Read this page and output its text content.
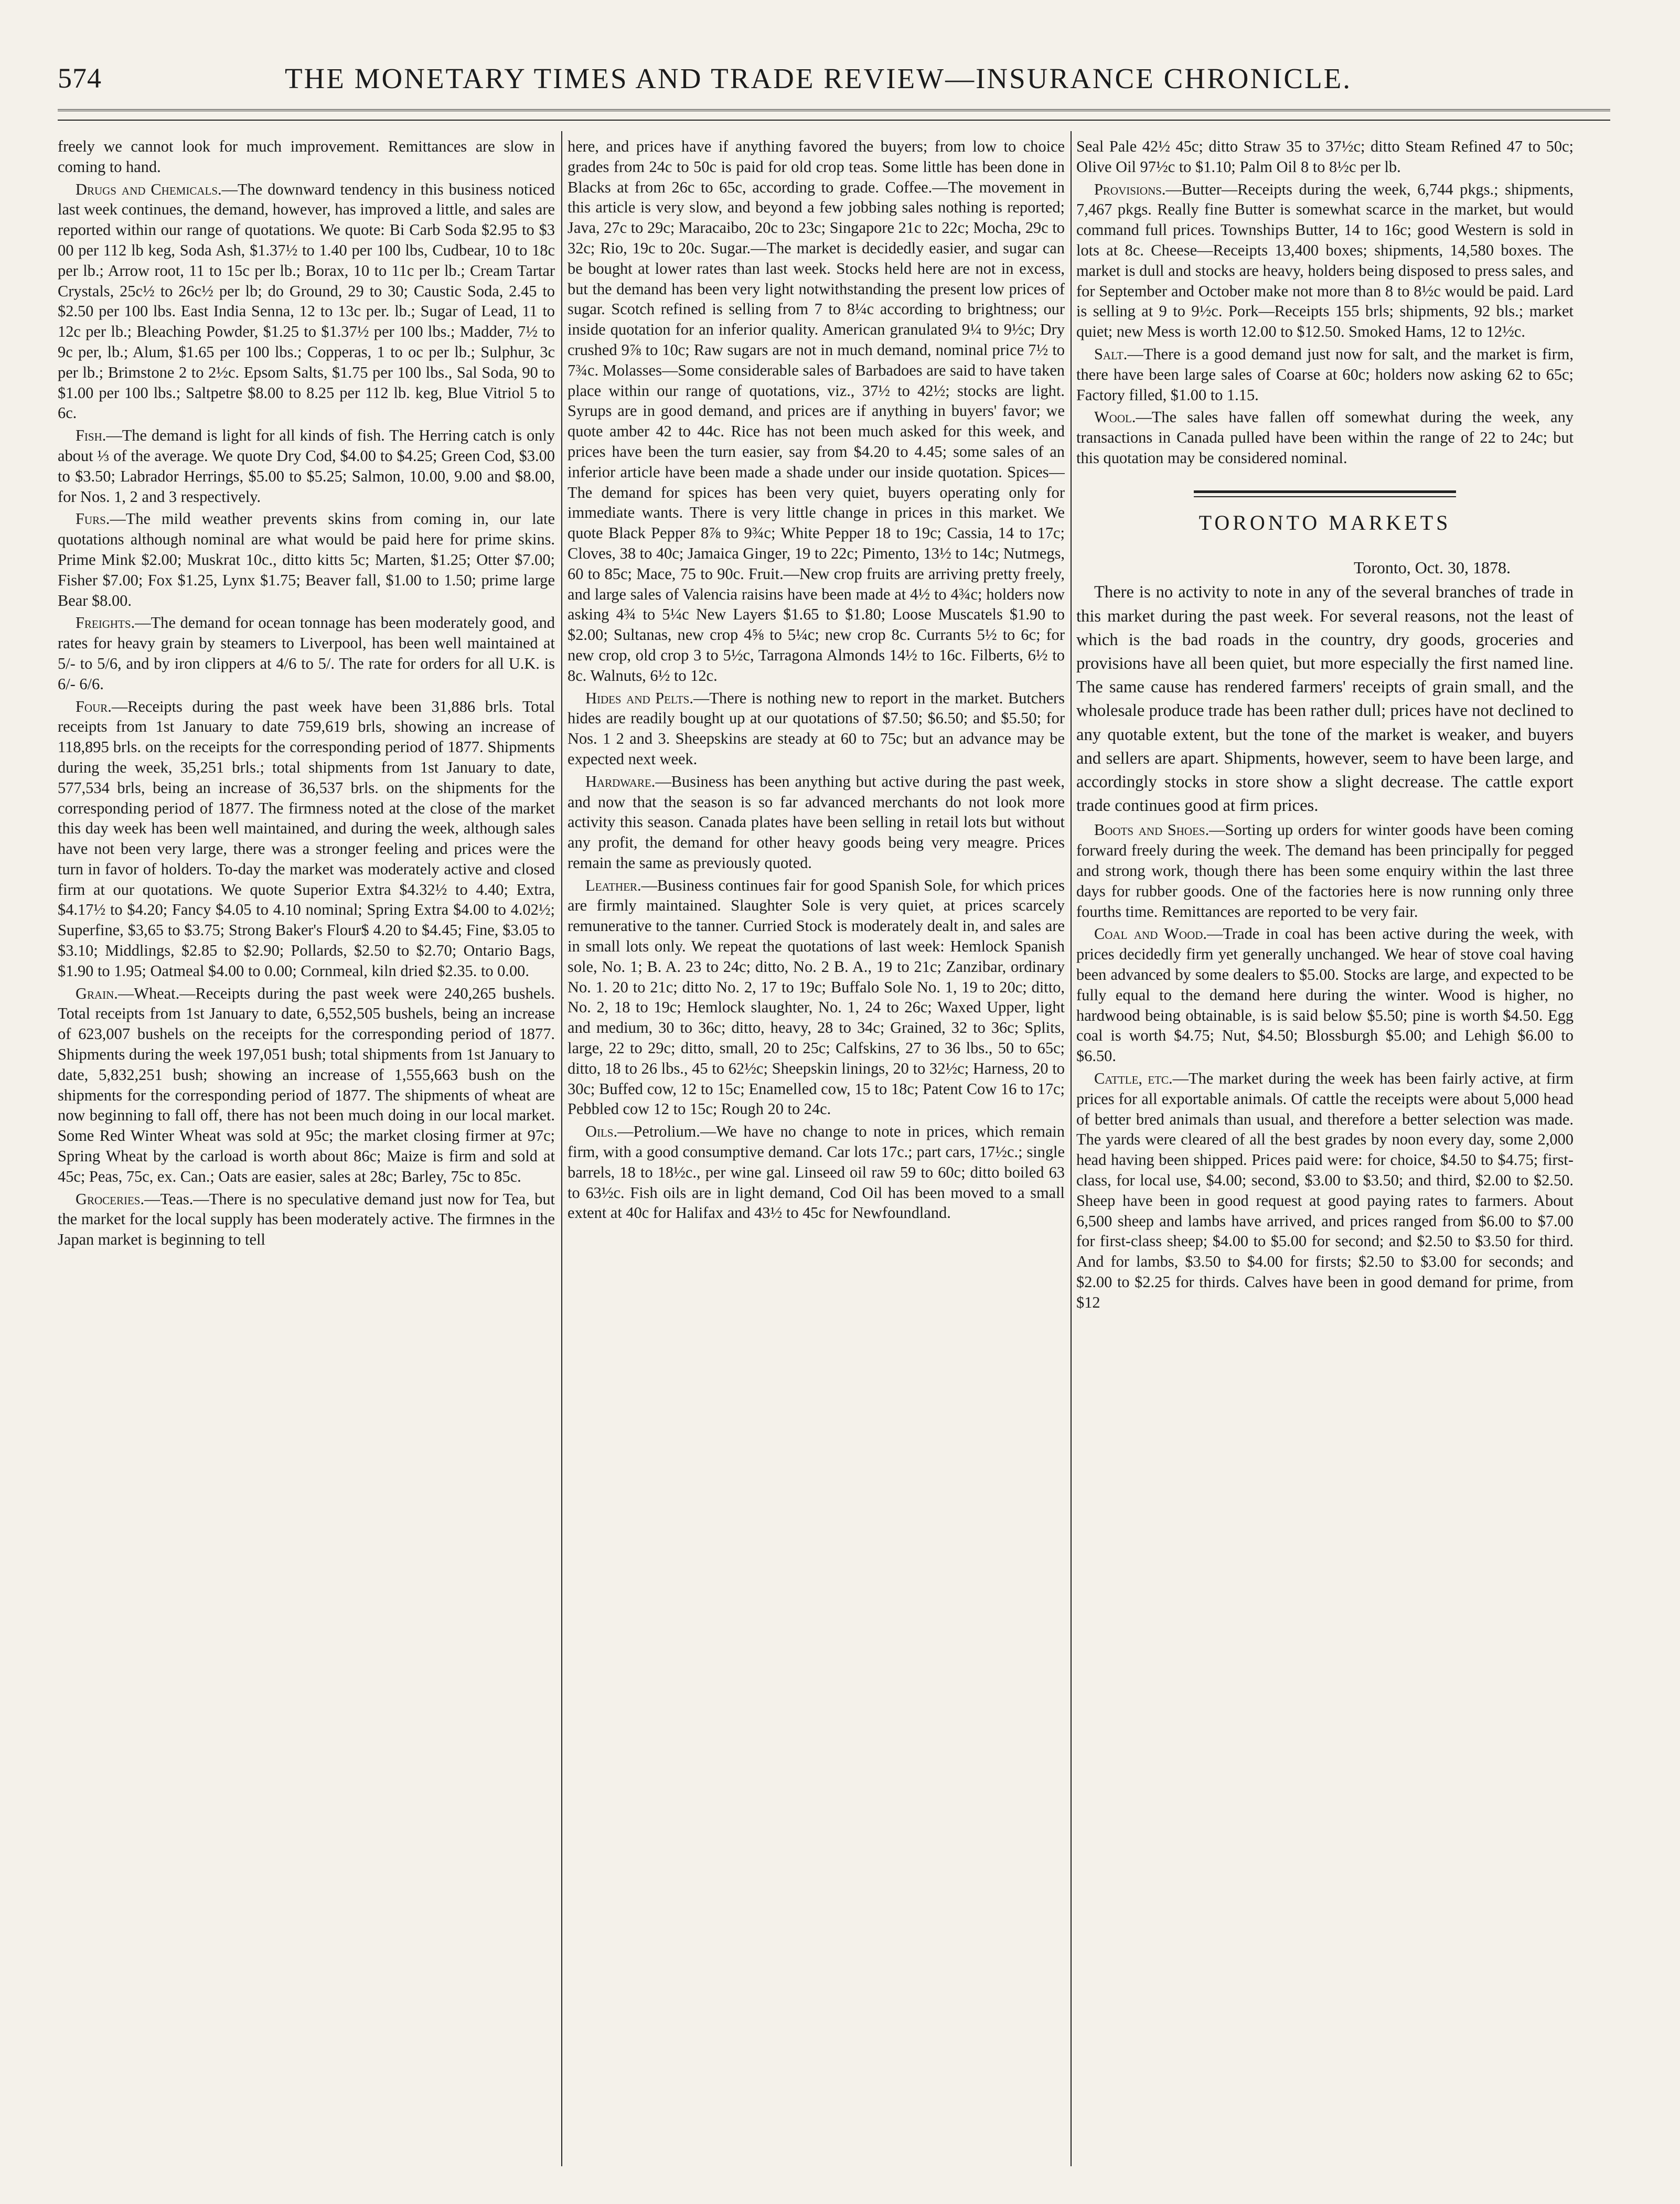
574	THE MONETARY TIMES AND TRADE REVIEW—INSURANCE CHRONICLE.

freely we cannot look for much improvement. Remittances are slow in coming to hand.

Drugs and Chemicals.—The downward tendency in this business noticed last week continues, the demand, however, has improved a little, and sales are reported within our range of quotations. We quote: Bi Carb Soda $2.95 to $3 00 per 112 lb keg, Soda Ash, $1.37½ to 1.40 per 100 lbs, Cudbear, 10 to 18c per lb.; Arrow root, 11 to 15c per lb.; Borax, 10 to 11c per lb.; Cream Tartar Crystals, 25c½ to 26c½ per lb; do Ground, 29 to 30; Caustic Soda, 2.45 to $2.50 per 100 lbs. East India Senna, 12 to 13c per. lb.; Sugar of Lead, 11 to 12c per lb.; Bleaching Powder, $1.25 to $1.37½ per 100 lbs.; Madder, 7½ to 9c per, lb.; Alum, $1.65 per 100 lbs.; Copperas, 1 to oc per lb.; Sulphur, 3c per lb.; Brimstone 2 to 2½c. Epsom Salts, $1.75 per 100 lbs., Sal Soda, 90 to $1.00 per 100 lbs.; Saltpetre $8.00 to 8.25 per 112 lb. keg, Blue Vitriol 5 to 6c.

Fish.—The demand is light for all kinds of fish. The Herring catch is only about ⅓ of the average. We quote Dry Cod, $4.00 to $4.25; Green Cod, $3.00 to $3.50; Labrador Herrings, $5.00 to $5.25; Salmon, 10.00, 9.00 and $8.00, for Nos. 1, 2 and 3 respectively.

Furs.—The mild weather prevents skins from coming in, our late quotations although nominal are what would be paid here for prime skins. Prime Mink $2.00; Muskrat 10c., ditto kitts 5c; Marten, $1.25; Otter $7.00; Fisher $7.00; Fox $1.25, Lynx $1.75; Beaver fall, $1.00 to 1.50; prime large Bear $8.00.

Freights.—The demand for ocean tonnage has been moderately good, and rates for heavy grain by steamers to Liverpool, has been well maintained at 5/- to 5/6, and by iron clippers at 4/6 to 5/. The rate for orders for all U.K. is 6/- 6/6.

Four.—Receipts during the past week have been 31,886 brls. Total receipts from 1st January to date 759,619 brls, showing an increase of 118,895 brls. on the receipts for the corresponding period of 1877. Shipments during the week, 35,251 brls.; total shipments from 1st January to date, 577,534 brls, being an increase of 36,537 brls. on the shipments for the corresponding period of 1877. The firmness noted at the close of the market this day week has been well maintained, and during the week, although sales have not been very large, there was a stronger feeling and prices were the turn in favor of holders. To-day the market was moderately active and closed firm at our quotations. We quote Superior Extra $4.32½ to 4.40; Extra, $4.17½ to $4.20; Fancy $4.05 to 4.10 nominal; Spring Extra $4.00 to 4.02½; Superfine, $3,65 to $3.75; Strong Baker's Flour$ 4.20 to $4.45; Fine, $3.05 to $3.10; Middlings, $2.85 to $2.90; Pollards, $2.50 to $2.70; Ontario Bags, $1.90 to 1.95; Oatmeal $4.00 to 0.00; Cornmeal, kiln dried $2.35. to 0.00.

Grain.—Wheat.—Receipts during the past week were 240,265 bushels. Total receipts from 1st January to date, 6,552,505 bushels, being an increase of 623,007 bushels on the receipts for the corresponding period of 1877. Shipments during the week 197,051 bush; total shipments from 1st January to date, 5,832,251 bush; showing an increase of 1,555,663 bush on the shipments for the corresponding period of 1877. The shipments of wheat are now beginning to fall off, there has not been much doing in our local market. Some Red Winter Wheat was sold at 95c; the market closing firmer at 97c; Spring Wheat by the carload is worth about 86c; Maize is firm and sold at 45c; Peas, 75c, ex. Can.; Oats are easier, sales at 28c; Barley, 75c to 85c.

Groceries.—Teas.—There is no speculative demand just now for Tea, but the market for the local supply has been moderately active. The firmnes in the Japan market is beginning to tell

here, and prices have if anything favored the buyers; from low to choice grades from 24c to 50c is paid for old crop teas. Some little has been done in Blacks at from 26c to 65c, according to grade. Coffee.—The movement in this article is very slow, and beyond a few jobbing sales nothing is reported; Java, 27c to 29c; Maracaibo, 20c to 23c; Singapore 21c to 22c; Mocha, 29c to 32c; Rio, 19c to 20c. Sugar.—The market is decidedly easier, and sugar can be bought at lower rates than last week. Stocks held here are not in excess, but the demand has been very light notwithstanding the present low prices of sugar. Scotch refined is selling from 7 to 8¼c according to brightness; our inside quotation for an inferior quality. American granulated 9¼ to 9½c; Dry crushed 9⅞ to 10c; Raw sugars are not in much demand, nominal price 7½ to 7¾c. Molasses—Some considerable sales of Barbadoes are said to have taken place within our range of quotations, viz., 37½ to 42½; stocks are light. Syrups are in good demand, and prices are if anything in buyers' favor; we quote amber 42 to 44c. Rice has not been much asked for this week, and prices have been the turn easier, say from $4.20 to 4.45; some sales of an inferior article have been made a shade under our inside quotation. Spices—The demand for spices has been very quiet, buyers operating only for immediate wants. There is very little change in prices in this market. We quote Black Pepper 8⅞ to 9¾c; White Pepper 18 to 19c; Cassia, 14 to 17c; Cloves, 38 to 40c; Jamaica Ginger, 19 to 22c; Pimento, 13½ to 14c; Nutmegs, 60 to 85c; Mace, 75 to 90c. Fruit.—New crop fruits are arriving pretty freely, and large sales of Valencia raisins have been made at 4½ to 4¾c; holders now asking 4¾ to 5¼c New Layers $1.65 to $1.80; Loose Muscatels $1.90 to $2.00; Sultanas, new crop 4⅝ to 5¼c; new crop 8c. Currants 5½ to 6c; for new crop, old crop 3 to 5½c, Tarragona Almonds 14½ to 16c. Filberts, 6½ to 8c. Walnuts, 6½ to 12c.

Hides and Pelts.—There is nothing new to report in the market. Butchers hides are readily bought up at our quotations of $7.50; $6.50; and $5.50; for Nos. 1 2 and 3. Sheepskins are steady at 60 to 75c; but an advance may be expected next week.

Hardware.—Business has been anything but active during the past week, and now that the season is so far advanced merchants do not look more activity this season. Canada plates have been selling in retail lots but without any profit, the demand for other heavy goods being very meagre. Prices remain the same as previously quoted.

Leather.—Business continues fair for good Spanish Sole, for which prices are firmly maintained. Slaughter Sole is very quiet, at prices scarcely remunerative to the tanner. Curried Stock is moderately dealt in, and sales are in small lots only. We repeat the quotations of last week: Hemlock Spanish sole, No. 1; B. A. 23 to 24c; ditto, No. 2 B. A., 19 to 21c; Zanzibar, ordinary No. 1. 20 to 21c; ditto No. 2, 17 to 19c; Buffalo Sole No. 1, 19 to 20c; ditto, No. 2, 18 to 19c; Hemlock slaughter, No. 1, 24 to 26c; Waxed Upper, light and medium, 30 to 36c; ditto, heavy, 28 to 34c; Grained, 32 to 36c; Splits, large, 22 to 29c; ditto, small, 20 to 25c; Calfskins, 27 to 36 lbs., 50 to 65c; ditto, 18 to 26 lbs., 45 to 62½c; Sheepskin linings, 20 to 32½c; Harness, 20 to 30c; Buffed cow, 12 to 15c; Enamelled cow, 15 to 18c; Patent Cow 16 to 17c; Pebbled cow 12 to 15c; Rough 20 to 24c.

Oils.—Petrolium.—We have no change to note in prices, which remain firm, with a good consumptive demand. Car lots 17c.; part cars, 17½c.; single barrels, 18 to 18½c., per wine gal. Linseed oil raw 59 to 60c; ditto boiled 63 to 63½c. Fish oils are in light demand, Cod Oil has been moved to a small extent at 40c for Halifax and 43½ to 45c for Newfoundland.

Seal Pale 42½ 45c; ditto Straw 35 to 37½c; ditto Steam Refined 47 to 50c; Olive Oil 97½c to $1.10; Palm Oil 8 to 8½c per lb.

Provisions.—Butter—Receipts during the week, 6,744 pkgs.; shipments, 7,467 pkgs. Really fine Butter is somewhat scarce in the market, but would command full prices. Townships Butter, 14 to 16c; good Western is sold in lots at 8c. Cheese—Receipts 13,400 boxes; shipments, 14,580 boxes. The market is dull and stocks are heavy, holders being disposed to press sales, and for September and October make not more than 8 to 8½c would be paid. Lard is selling at 9 to 9½c. Pork—Receipts 155 brls; shipments, 92 bls.; market quiet; new Mess is worth 12.00 to $12.50. Smoked Hams, 12 to 12½c.

Salt.—There is a good demand just now for salt, and the market is firm, there have been large sales of Coarse at 60c; holders now asking 62 to 65c; Factory filled, $1.00 to 1.15.

Wool.—The sales have fallen off somewhat during the week, any transactions in Canada pulled have been within the range of 22 to 24c; but this quotation may be considered nominal.

TORONTO MARKETS
Toronto, Oct. 30, 1878.

There is no activity to note in any of the several branches of trade in this market during the past week. For several reasons, not the least of which is the bad roads in the country, dry goods, groceries and provisions have all been quiet, but more especially the first named line. The same cause has rendered farmers' receipts of grain small, and the wholesale produce trade has been rather dull; prices have not declined to any quotable extent, but the tone of the market is weaker, and buyers and sellers are apart. Shipments, however, seem to have been large, and accordingly stocks in store show a slight decrease. The cattle export trade continues good at firm prices.

Boots and Shoes.—Sorting up orders for winter goods have been coming forward freely during the week. The demand has been principally for pegged and strong work, though there has been some enquiry within the last three days for rubber goods. One of the factories here is now running only three fourths time. Remittances are reported to be very fair.

Coal and Wood.—Trade in coal has been active during the week, with prices decidedly firm yet generally unchanged. We hear of stove coal having been advanced by some dealers to $5.00. Stocks are large, and expected to be fully equal to the demand here during the winter. Wood is higher, no hardwood being obtainable, is is said below $5.50; pine is worth $4.50. Egg coal is worth $4.75; Nut, $4.50; Blossburgh $5.00; and Lehigh $6.00 to $6.50.

Cattle, etc.—The market during the week has been fairly active, at firm prices for all exportable animals. Of cattle the receipts were about 5,000 head of better bred animals than usual, and therefore a better selection was made. The yards were cleared of all the best grades by noon every day, some 2,000 head having been shipped. Prices paid were: for choice, $4.50 to $4.75; first-class, for local use, $4.00; second, $3.00 to $3.50; and third, $2.00 to $2.50. Sheep have been in good request at good paying rates to farmers. About 6,500 sheep and lambs have arrived, and prices ranged from $6.00 to $7.00 for first-class sheep; $4.00 to $5.00 for second; and $2.50 to $3.50 for third. And for lambs, $3.50 to $4.00 for firsts; $2.50 to $3.00 for seconds; and $2.00 to $2.25 for thirds. Calves have been in good demand for prime, from $12
